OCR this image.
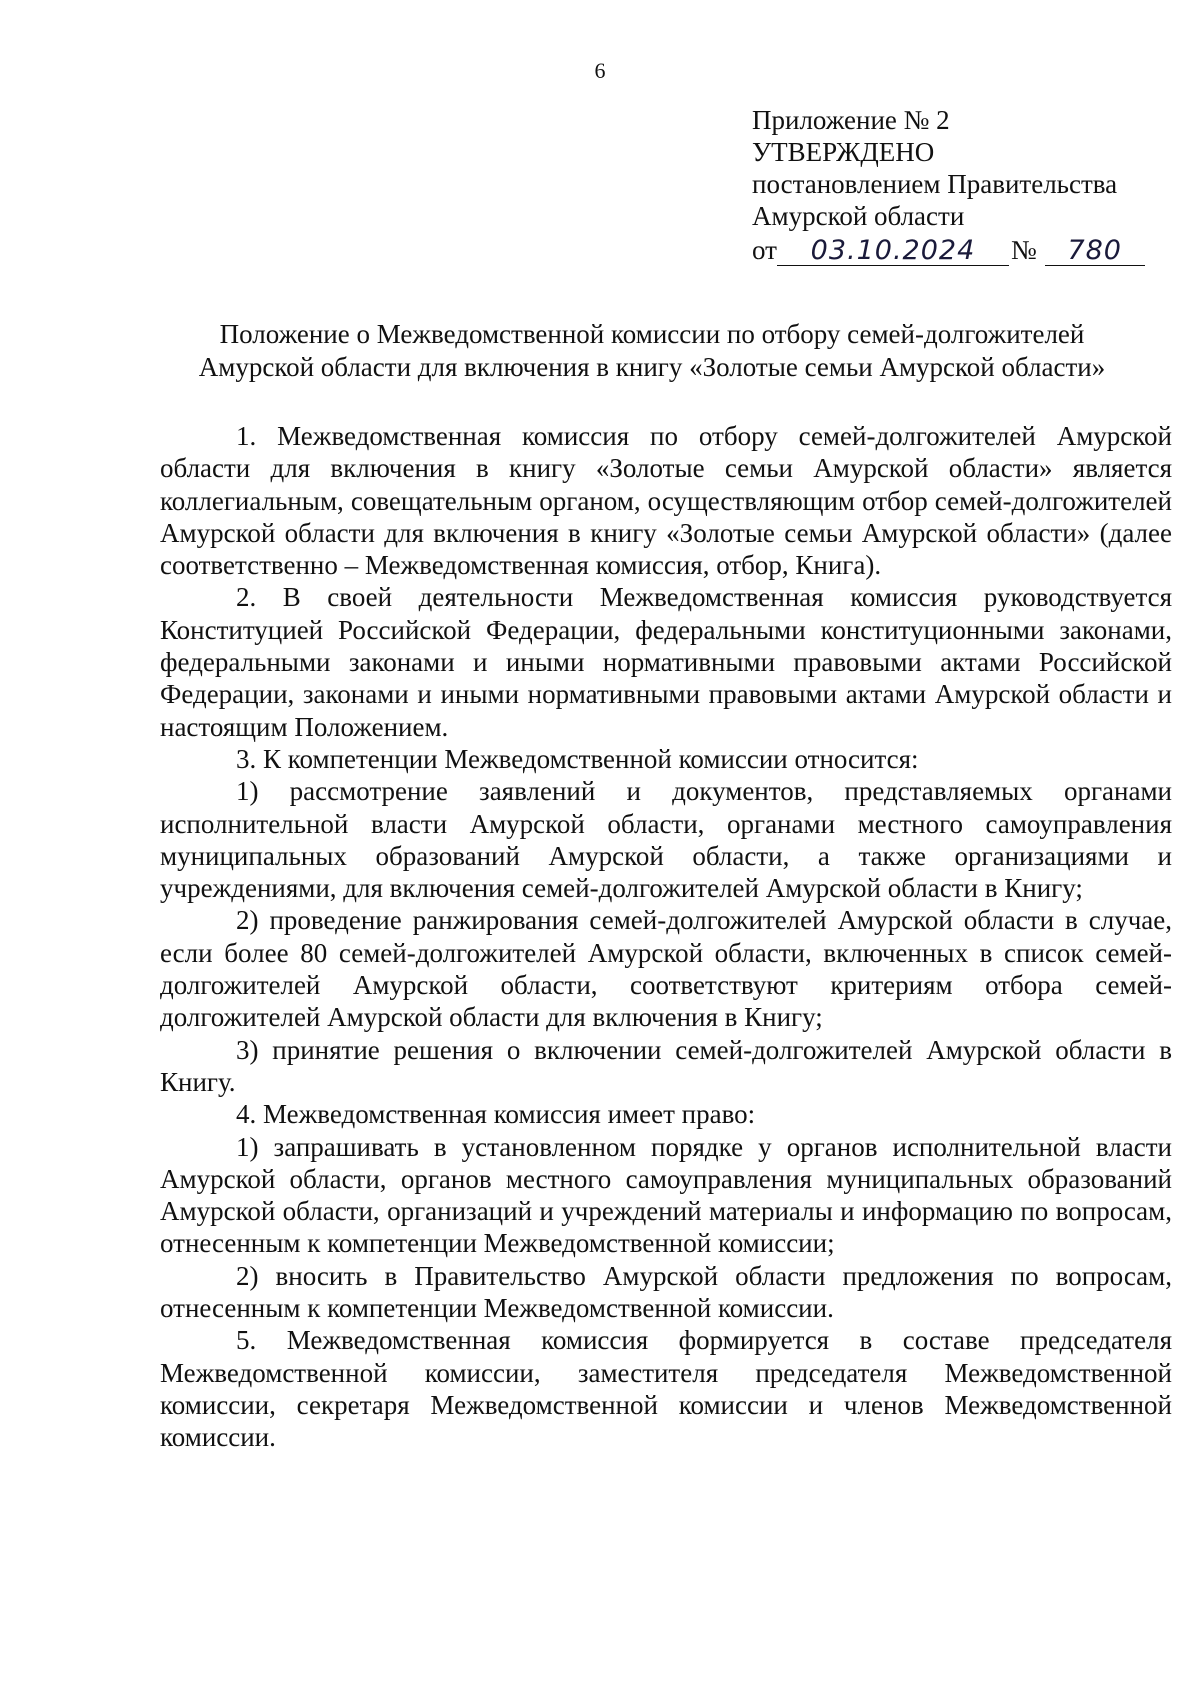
6
Приложение № 2
УТВЕРЖДЕНО
постановлением Правительства
Амурской области
от	03.10.2024	№	780
Положение о Межведомственной комиссии по отбору семей-долгожителей
Амурской области для включения в книгу «Золотые семьи Амурской области»

1. Межведомственная комиссия по отбору семей-долгожителей Амурской области для включения в книгу «Золотые семьи Амурской области» является коллегиальным, совещательным органом, осуществляющим отбор семей-долгожителей Амурской области для включения в книгу «Золотые семьи Амурской области» (далее соответственно – Межведомственная комиссия, отбор, Книга).

2. В своей деятельности Межведомственная комиссия руководствуется Конституцией Российской Федерации, федеральными конституционными законами, федеральными законами и иными нормативными правовыми актами Российской Федерации, законами и иными нормативными правовыми актами Амурской области и настоящим Положением.

3. К компетенции Межведомственной комиссии относится:

1) рассмотрение заявлений и документов, представляемых органами исполнительной власти Амурской области, органами местного самоуправления муниципальных образований Амурской области, а также организациями и учреждениями, для включения семей-долгожителей Амурской области в Книгу;

2) проведение ранжирования семей-долгожителей Амурской области в случае, если более 80 семей-долгожителей Амурской области, включенных в список семей-долгожителей Амурской области, соответствуют критериям отбора семей-долгожителей Амурской области для включения в Книгу;

3) принятие решения о включении семей-долгожителей Амурской области в Книгу.

4. Межведомственная комиссия имеет право:

1) запрашивать в установленном порядке у органов исполнительной власти Амурской области, органов местного самоуправления муниципальных образований Амурской области, организаций и учреждений материалы и информацию по вопросам, отнесенным к компетенции Межведомственной комиссии;

2) вносить в Правительство Амурской области предложения по вопросам, отнесенным к компетенции Межведомственной комиссии.

5. Межведомственная комиссия формируется в составе председателя Межведомственной комиссии, заместителя председателя Межведомственной комиссии, секретаря Межведомственной комиссии и членов Межведомственной комиссии.
